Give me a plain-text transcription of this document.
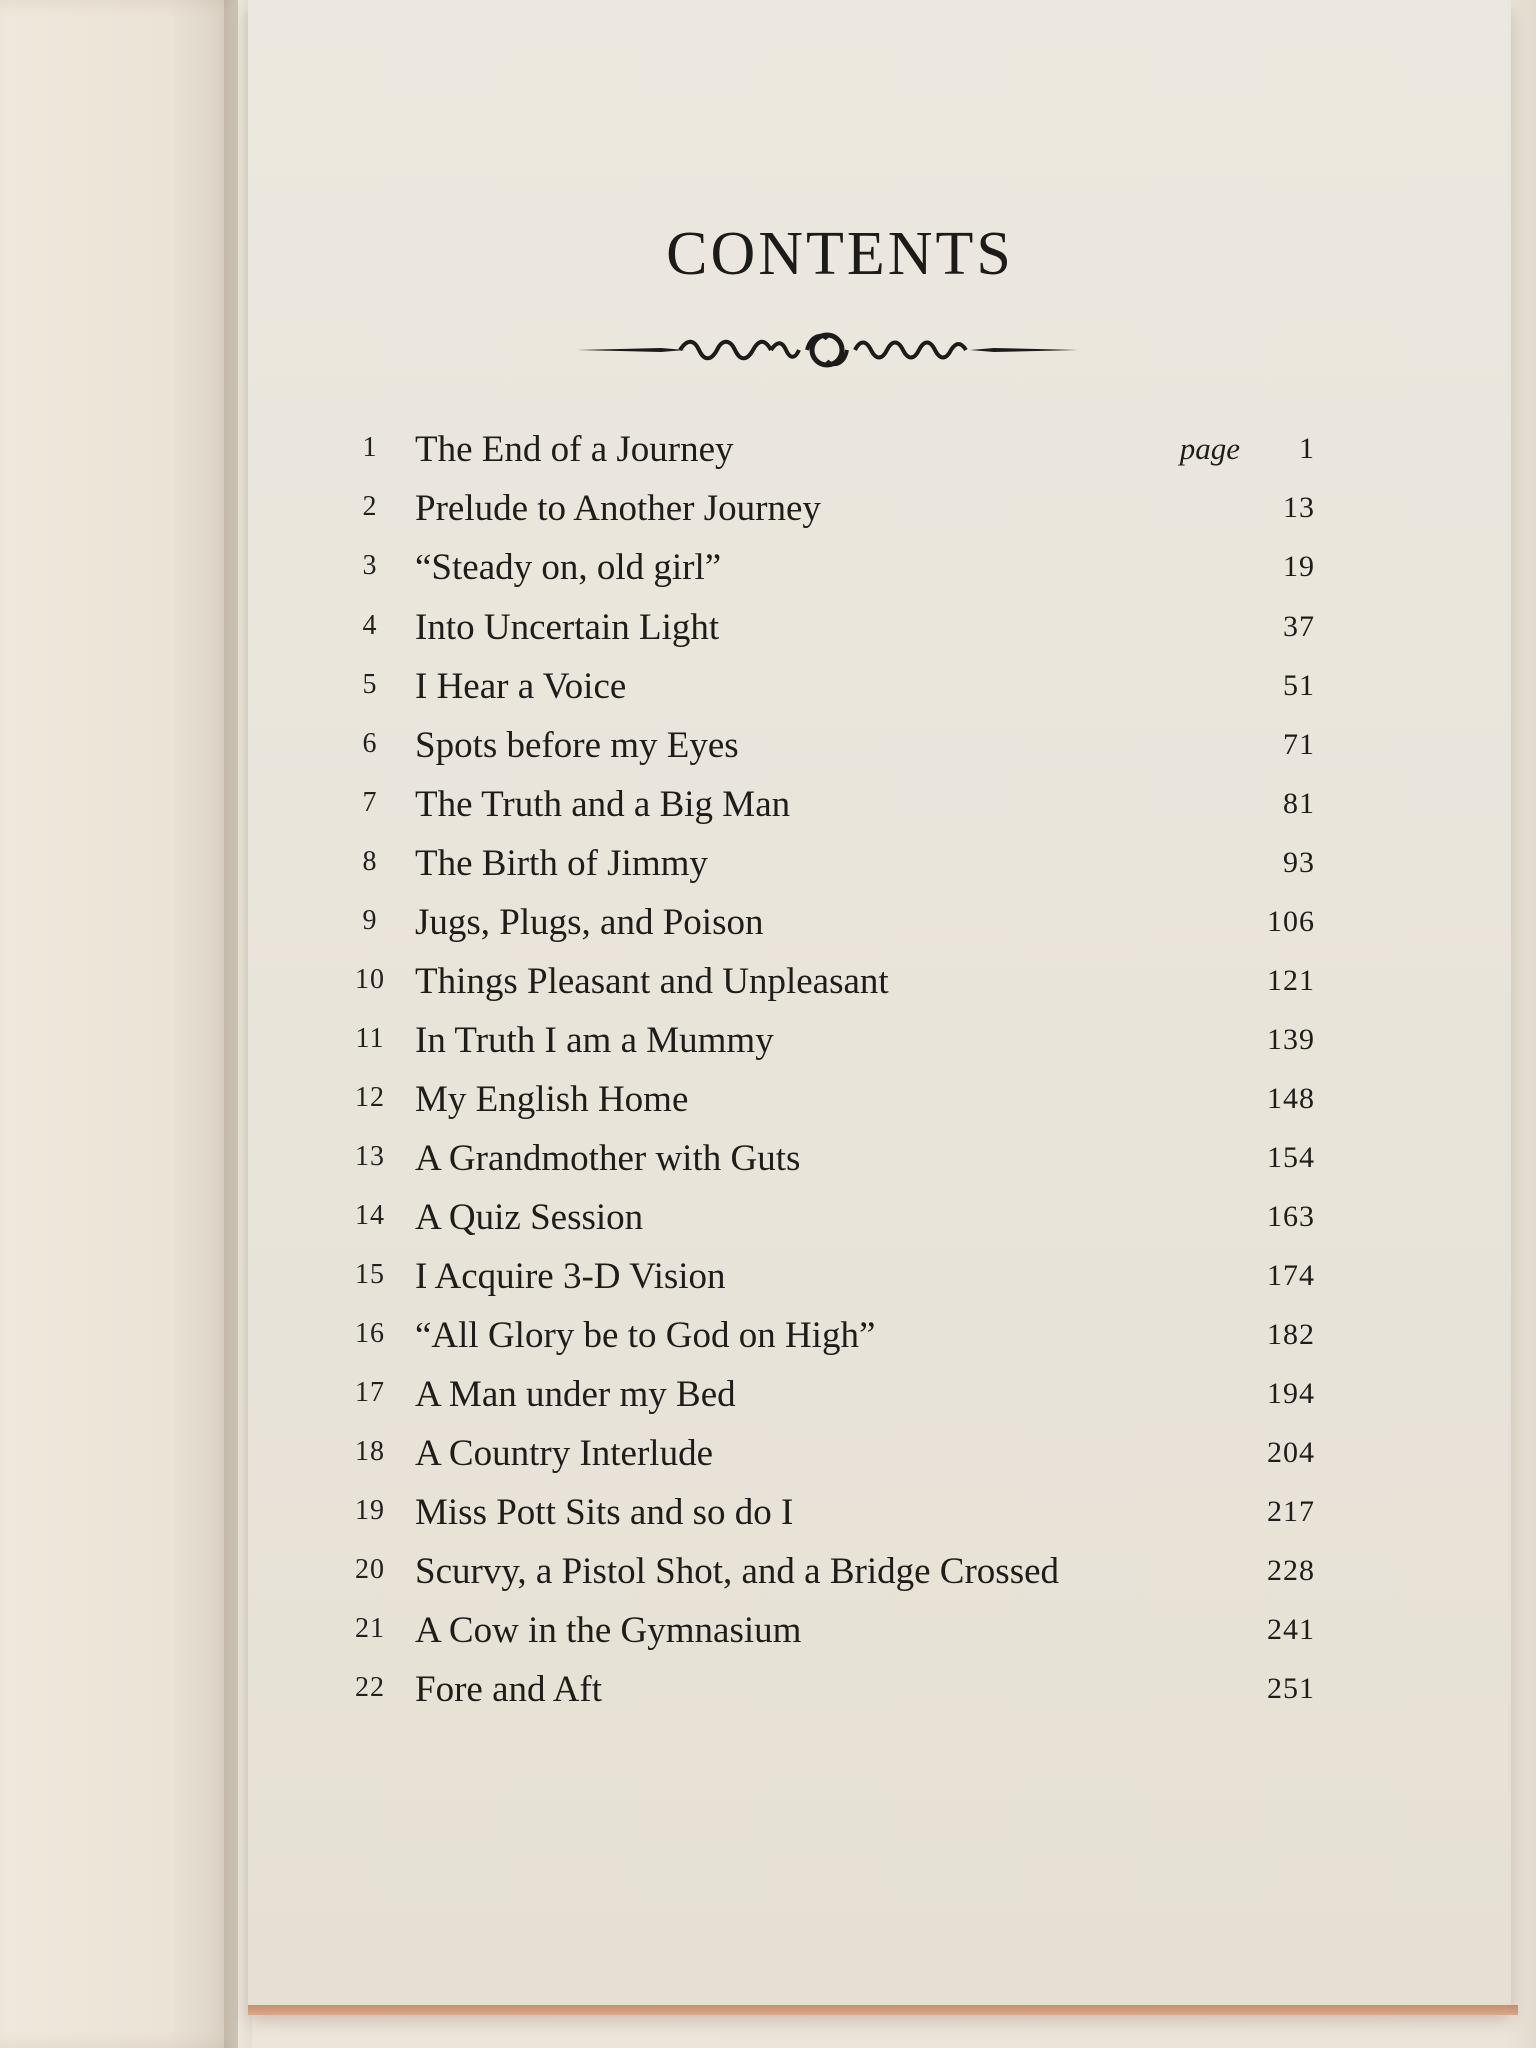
CONTENTS
1	The End of a Journey	page	1
2	Prelude to Another Journey	13
3	“Steady on, old girl”	19
4	Into Uncertain Light	37
5	I Hear a Voice	51
6	Spots before my Eyes	71
7	The Truth and a Big Man	81
8	The Birth of Jimmy	93
9	Jugs, Plugs, and Poison	106
10 Things Pleasant and Unpleasant	121
11 In Truth I am a Mummy	139
12 My English Home	148
13 A Grandmother with Guts	154
14 A Quiz Session	163
15 I Acquire 3-D Vision	174
16 “All Glory be to God on High”	182
17 A Man under my Bed	194
18 A Country Interlude	204
19 Miss Pott Sits and so do I	217
20 Scurvy, a Pistol Shot, and a Bridge Crossed	228
21 A Cow in the Gymnasium	241
22 Fore and Aft	251
